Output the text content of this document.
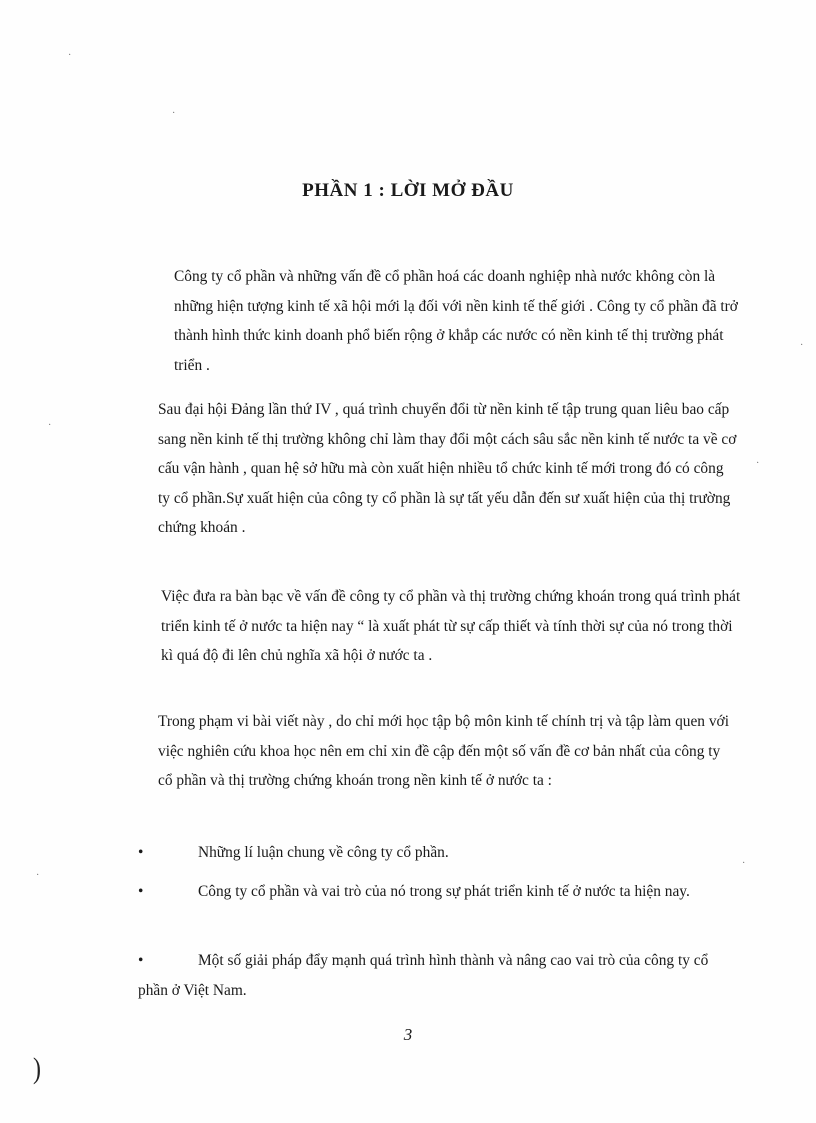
PHẦN 1 : LỜI MỞ ĐẦU
Công ty cổ phần và những vấn đề cổ phần hoá các doanh nghiệp nhà nước không còn là những hiện tượng kinh tế xã hội mới lạ đối với nền kinh tế thế giới . Công ty cổ phần đã trở thành hình thức kinh doanh phổ biến rộng ở khắp các nước có nền kinh tế thị trường phát triển .
Sau đại hội Đảng lần thứ IV , quá trình chuyển đổi từ nền kinh tế tập trung quan liêu bao cấp sang nền kinh tế thị trường không chỉ làm thay đổi một cách sâu sắc nền kinh tế nước ta về cơ cấu vận hành , quan hệ sở hữu mà còn xuất hiện nhiều tổ chức kinh tế mới trong đó có công ty cổ phần.Sự xuất hiện của công ty cổ phần là sự tất yếu dẫn đến sư xuất hiện của thị trường chứng khoán .
Việc đưa ra bàn bạc về vấn đề công ty cổ phần và thị trường chứng khoán trong quá trình phát triển kinh tế ở nước ta hiện nay “ là xuất phát từ sự cấp thiết và tính thời sự của nó trong thời kì quá độ đi lên chủ nghĩa xã hội ở nước ta .
Trong phạm vi bài viết này , do chỉ mới học tập bộ môn kinh tế chính trị và tập làm quen với việc nghiên cứu khoa học nên em chỉ xin đề cập đến một số vấn đề cơ bản nhất của công ty cổ phần và thị trường chứng khoán trong nền kinh tế ở nước ta :
•	Những lí luận chung về công ty cổ phần.
•	Công ty cổ phần và vai trò của nó trong sự phát triển kinh tế ở nước ta hiện nay.
•	Một số giải pháp đẩy mạnh quá trình hình thành và nâng cao vai trò của công ty cổ phần ở Việt Nam.
3
)
·
·
·
·
·
·
·
